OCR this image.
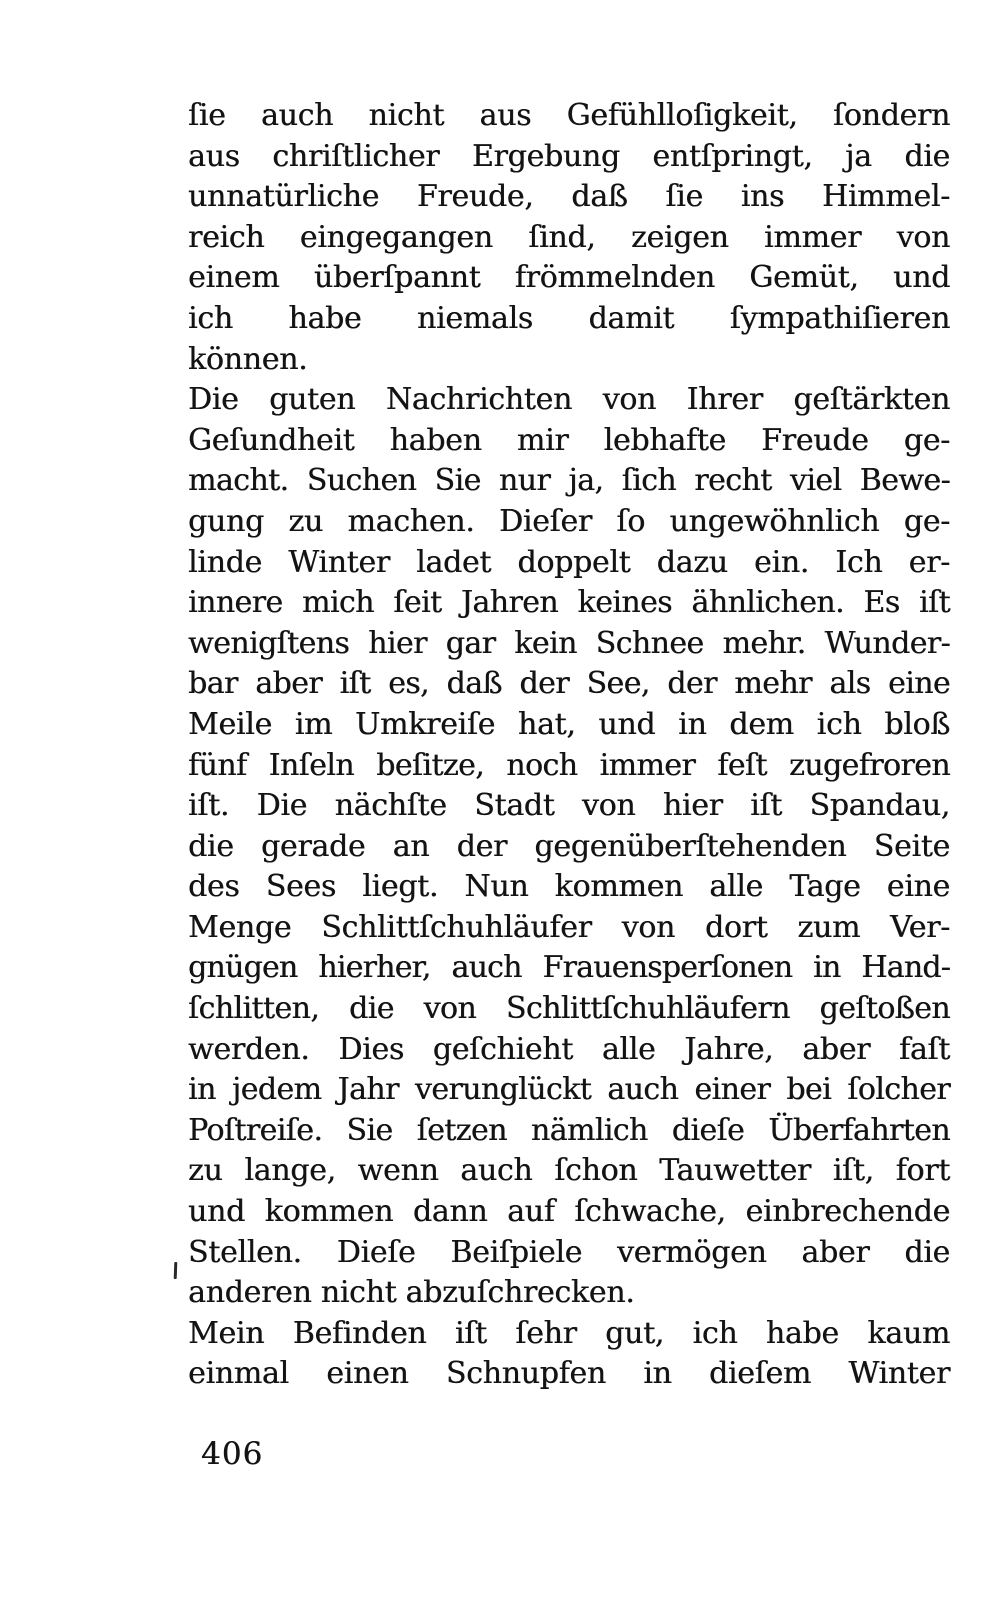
ſie auch nicht aus Gefühlloſigkeit, ſondern
aus chriſtlicher Ergebung entſpringt, ja die
unnatürliche Freude, daß ſie ins Himmel-
reich eingegangen ſind, zeigen immer von
einem überſpannt frömmelnden Gemüt, und
ich habe niemals damit ſympathiſieren
können.
Die guten Nachrichten von Ihrer geſtärkten
Geſundheit haben mir lebhafte Freude ge-
macht. Suchen Sie nur ja, ſich recht viel Bewe-
gung zu machen. Dieſer ſo ungewöhnlich ge-
linde Winter ladet doppelt dazu ein. Ich er-
innere mich ſeit Jahren keines ähnlichen. Es iſt
wenigſtens hier gar kein Schnee mehr. Wunder-
bar aber iſt es, daß der See, der mehr als eine
Meile im Umkreiſe hat, und in dem ich bloß
fünf Inſeln beſitze, noch immer feſt zugefroren
iſt. Die nächſte Stadt von hier iſt Spandau,
die gerade an der gegenüberſtehenden Seite
des Sees liegt. Nun kommen alle Tage eine
Menge Schlittſchuhläufer von dort zum Ver-
gnügen hierher, auch Frauensperſonen in Hand-
ſchlitten, die von Schlittſchuhläufern geſtoßen
werden. Dies geſchieht alle Jahre, aber faſt
in jedem Jahr verunglückt auch einer bei ſolcher
Poſtreiſe. Sie ſetzen nämlich dieſe Überfahrten
zu lange, wenn auch ſchon Tauwetter iſt, fort
und kommen dann auf ſchwache, einbrechende
Stellen. Dieſe Beiſpiele vermögen aber die
anderen nicht abzuſchrecken.
Mein Befinden iſt ſehr gut, ich habe kaum
einmal einen Schnupfen in dieſem Winter
406
